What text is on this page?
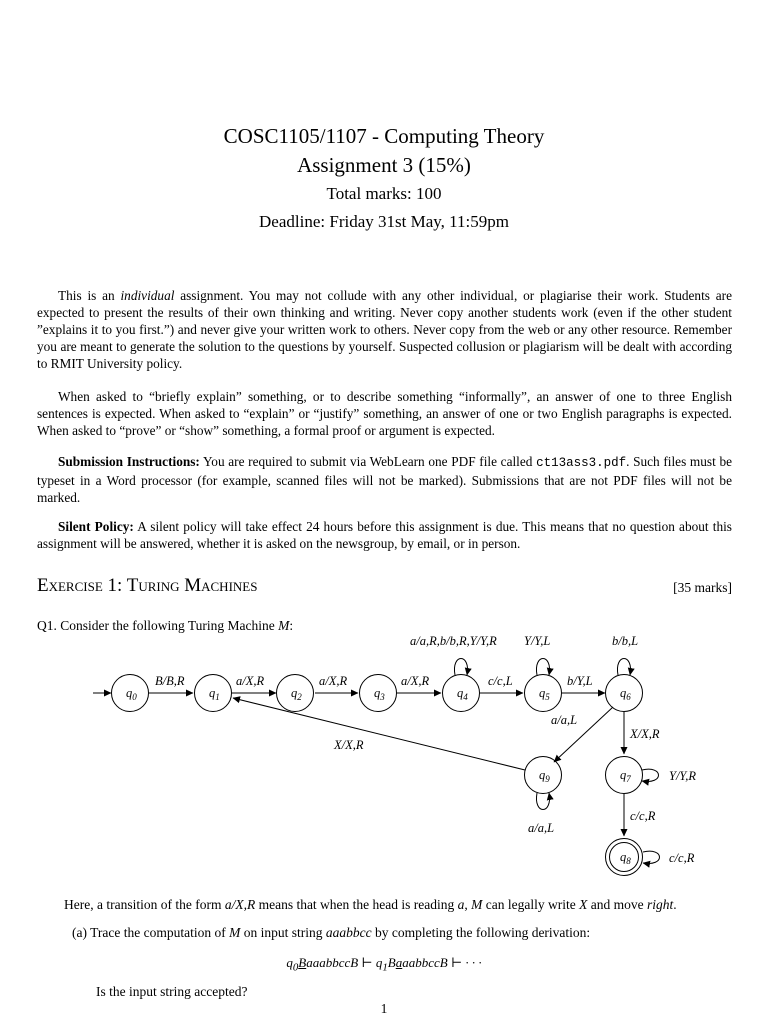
COSC1105/1107 - Computing Theory
Assignment 3 (15%)
Total marks: 100
Deadline: Friday 31st May, 11:59pm

This is an individual assignment. You may not collude with any other individual, or plagiarise their work. Students are expected to present the results of their own thinking and writing. Never copy another students work (even if the other student ”explains it to you first.”) and never give your written work to others. Never copy from the web or any other resource. Remember you are meant to generate the solution to the questions by yourself. Suspected collusion or plagiarism will be dealt with according to RMIT University policy.

When asked to “briefly explain” something, or to describe something “informally”, an answer of one to three English sentences is expected. When asked to “explain” or “justify” something, an answer of one or two English paragraphs is expected. When asked to “prove” or “show” something, a formal proof or argument is expected.

Submission Instructions: You are required to submit via WebLearn one PDF file called ct13ass3.pdf. Such files must be typeset in a Word processor (for example, scanned files will not be marked). Submissions that are not PDF files will not be marked.

Silent Policy: A silent policy will take effect 24 hours before this assignment is due. This means that no question about this assignment will be answered, whether it is asked on the newsgroup, by email, or in person.

Exercise 1: Turing Machines	[35 marks]
Q1. Consider the following Turing Machine M:
$q_0$	$q_1$	$q_2$	$q_3$	$q_4$	$q_5$	$q_6$
$q_7$
$q_8$
$q_9$
B/B,R	a/X,R	a/X,R	a/X,R
a/a,R,b/b,R,Y/Y,R
c/c,L
Y/Y,L
b/Y,L
b/b,L
a/a,L
X/X,R
X/X,R
a/a,L
Y/Y,R
c/c,R
c/c,R
Here, a transition of the form a/X,R means that when the head is reading a, M can legally write X and move right.
(a) Trace the computation of M on input string aaabbcc by completing the following derivation:
$q_0BaaabbccB$ ⊢ $q_1BaaabbccB$ ⊢ · · ·
Is the input string accepted?
1
